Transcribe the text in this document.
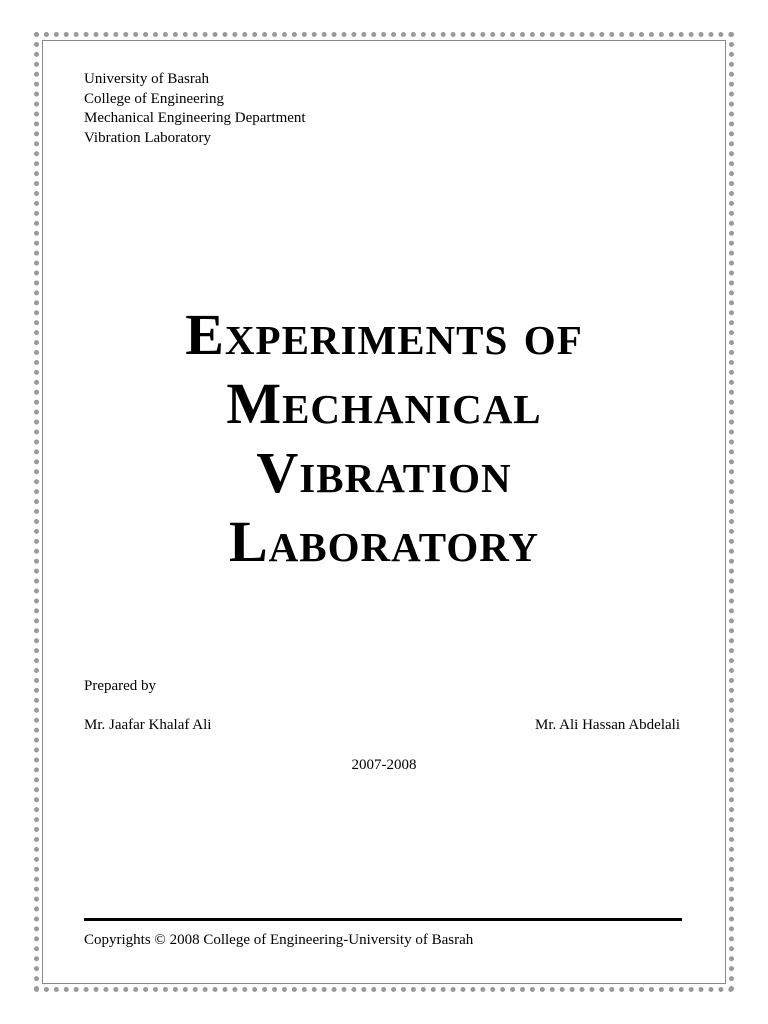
University of Basrah
College of Engineering
Mechanical Engineering Department
Vibration Laboratory
Experiments of
Mechanical
Vibration
Laboratory
Prepared by
Mr. Jaafar Khalaf Ali	Mr. Ali Hassan Abdelali
2007-2008
Copyrights © 2008 College of Engineering-University of Basrah
